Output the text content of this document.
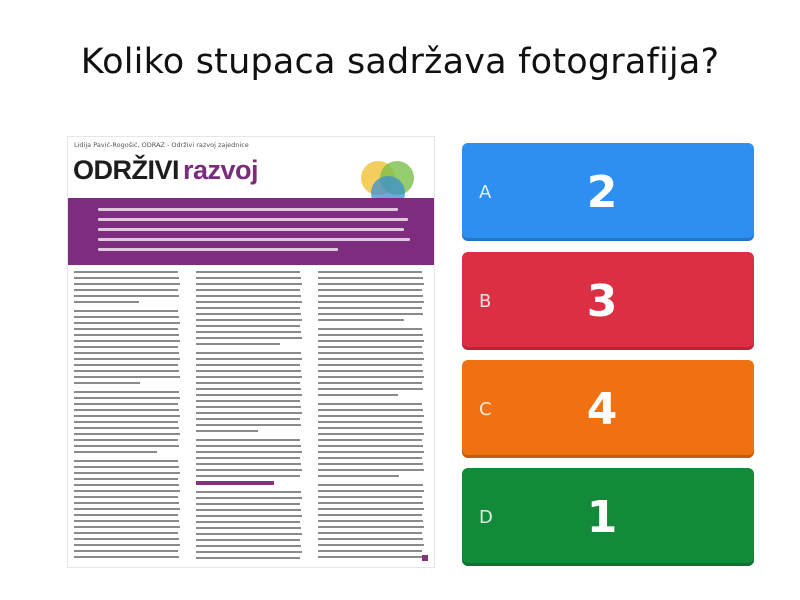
Koliko stupaca sadržava fotografija?
Lidija Pavić-Rogošić, ODRAZ - Održivi razvoj zajednice
ODRŽIVI razvoj
A	2
B	3
C	4
D	1
